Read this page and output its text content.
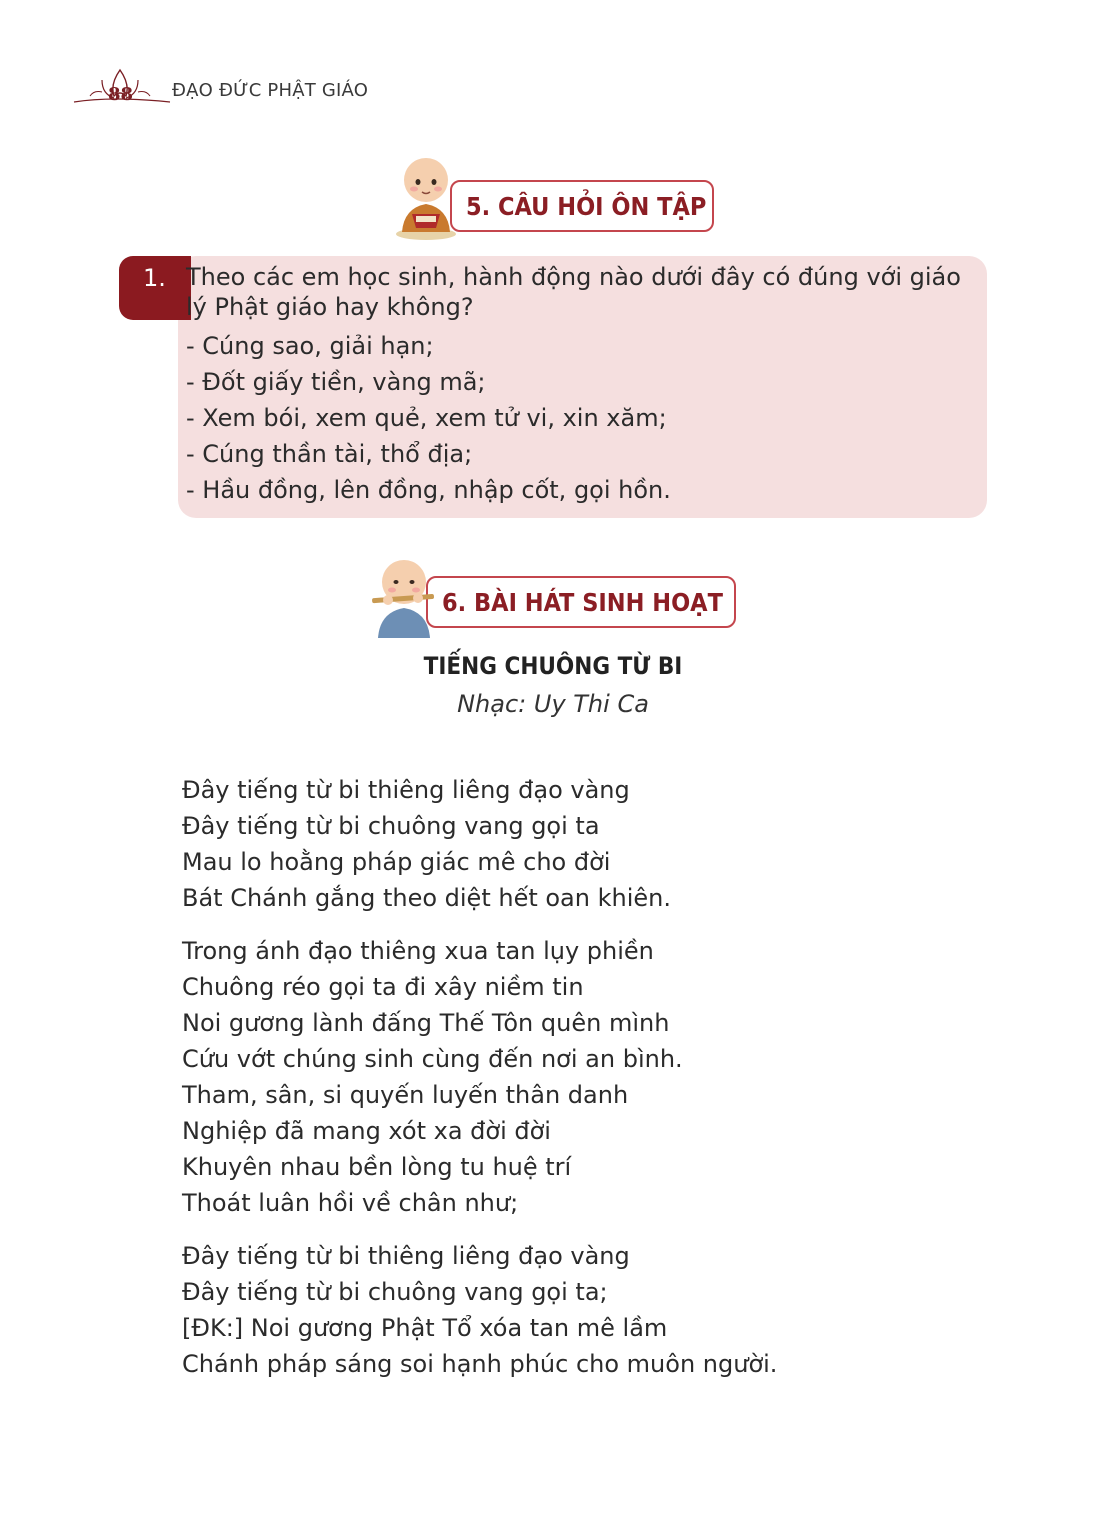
88 ĐẠO ĐỨC PHẬT GIÁO
5. CÂU HỎI ÔN TẬP
1. Theo các em học sinh, hành động nào dưới đây có đúng với giáo
lý Phật giáo hay không?
- Cúng sao, giải hạn;
- Đốt giấy tiền, vàng mã;
- Xem bói, xem quẻ, xem tử vi, xin xăm;
- Cúng thần tài, thổ địa;
- Hầu đồng, lên đồng, nhập cốt, gọi hồn.
6. BÀI HÁT SINH HOẠT
TIẾNG CHUÔNG TỪ BI
Nhạc: Uy Thi Ca
Đây tiếng từ bi thiêng liêng đạo vàng
Đây tiếng từ bi chuông vang gọi ta
Mau lo hoằng pháp giác mê cho đời
Bát Chánh gắng theo diệt hết oan khiên.
Trong ánh đạo thiêng xua tan lụy phiền
Chuông réo gọi ta đi xây niềm tin
Noi gương lành đấng Thế Tôn quên mình
Cứu vớt chúng sinh cùng đến nơi an bình.
Tham, sân, si quyến luyến thân danh
Nghiệp đã mang xót xa đời đời
Khuyên nhau bền lòng tu huệ trí
Thoát luân hồi về chân như;
Đây tiếng từ bi thiêng liêng đạo vàng
Đây tiếng từ bi chuông vang gọi ta;
[ĐK:] Noi gương Phật Tổ xóa tan mê lầm
Chánh pháp sáng soi hạnh phúc cho muôn người.
